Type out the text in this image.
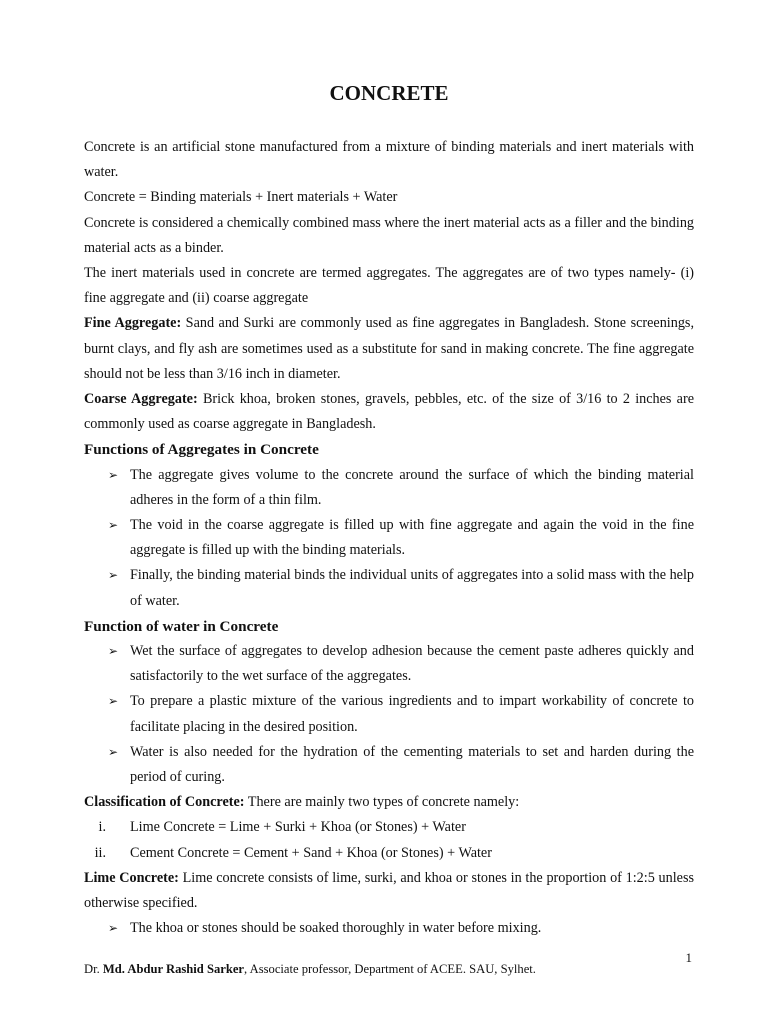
CONCRETE

Concrete is an artificial stone manufactured from a mixture of binding materials and inert materials with water.

Concrete = Binding materials + Inert materials + Water

Concrete is considered a chemically combined mass where the inert material acts as a filler and the binding material acts as a binder.

The inert materials used in concrete are termed aggregates. The aggregates are of two types namely- (i) fine aggregate and (ii) coarse aggregate

Fine Aggregate: Sand and Surki are commonly used as fine aggregates in Bangladesh. Stone screenings, burnt clays, and fly ash are sometimes used as a substitute for sand in making concrete. The fine aggregate should not be less than 3/16 inch in diameter.

Coarse Aggregate: Brick khoa, broken stones, gravels, pebbles, etc. of the size of 3/16 to 2 inches are commonly used as coarse aggregate in Bangladesh.

Functions of Aggregates in Concrete
➢ The aggregate gives volume to the concrete around the surface of which the binding material adheres in the form of a thin film.
➢ The void in the coarse aggregate is filled up with fine aggregate and again the void in the fine aggregate is filled up with the binding materials.
➢ Finally, the binding material binds the individual units of aggregates into a solid mass with the help of water.
Function of water in Concrete
➢ Wet the surface of aggregates to develop adhesion because the cement paste adheres quickly and satisfactorily to the wet surface of the aggregates.
➢ To prepare a plastic mixture of the various ingredients and to impart workability of concrete to facilitate placing in the desired position.
➢ Water is also needed for the hydration of the cementing materials to set and harden during the period of curing.

Classification of Concrete: There are mainly two types of concrete namely:

i. Lime Concrete = Lime + Surki + Khoa (or Stones) + Water
ii. Cement Concrete = Cement + Sand + Khoa (or Stones) + Water

Lime Concrete: Lime concrete consists of lime, surki, and khoa or stones in the proportion of 1:2:5 unless otherwise specified.

➢ The khoa or stones should be soaked thoroughly in water before mixing.
1
Dr. Md. Abdur Rashid Sarker, Associate professor, Department of ACEE. SAU, Sylhet.
